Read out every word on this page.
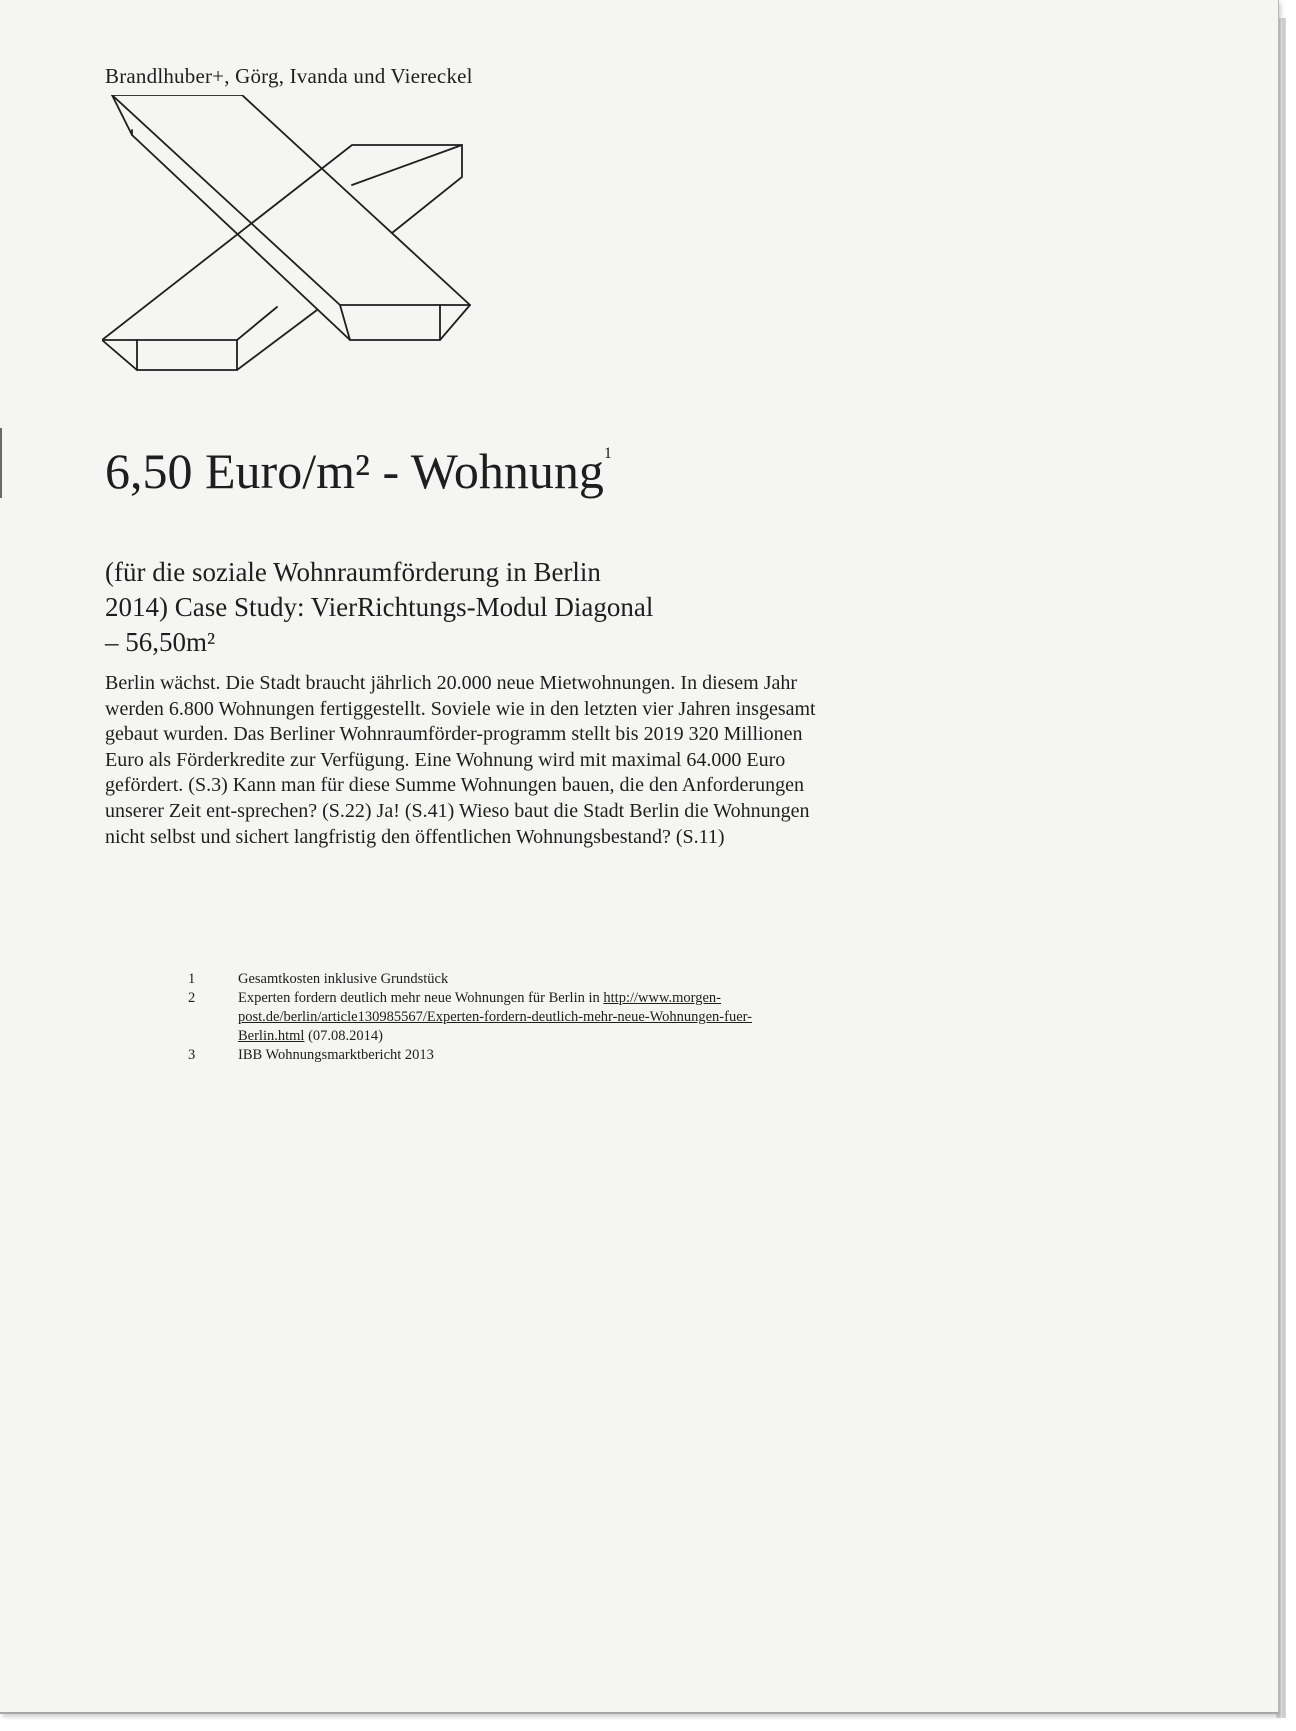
Brandlhuber+, Görg, Ivanda und Viereckel
6,50 Euro/m² - Wohnung$^1$
(für die soziale Wohnraumförderung in Berlin 2014) Case Study: VierRichtungs-Modul Diagonal – 56,50m²

Berlin wächst. Die Stadt braucht jährlich 20.000 neue Mietwohnungen. In diesem Jahr werden 6.800 Wohnungen fertiggestellt. Soviele wie in den letzten vier Jahren insgesamt gebaut wurden. Das Berliner Wohnraumförder-programm stellt bis 2019 320 Millionen Euro als Förderkredite zur Verfügung. Eine Wohnung wird mit maximal 64.000 Euro gefördert. (S.3) Kann man für diese Summe Wohnungen bauen, die den Anforderungen unserer Zeit ent-sprechen? (S.22) Ja! (S.41) Wieso baut die Stadt Berlin die Wohnungen nicht selbst und sichert langfristig den öffentlichen Wohnungsbestand? (S.11)

1	Gesamtkosten inklusive Grundstück
2	Experten fordern deutlich mehr neue Wohnungen für Berlin in http://www.morgen-post.de/berlin/article130985567/Experten-fordern-deutlich-mehr-neue-Wohnungen-fuer-Berlin.html (07.08.2014)
3	IBB Wohnungsmarktbericht 2013
